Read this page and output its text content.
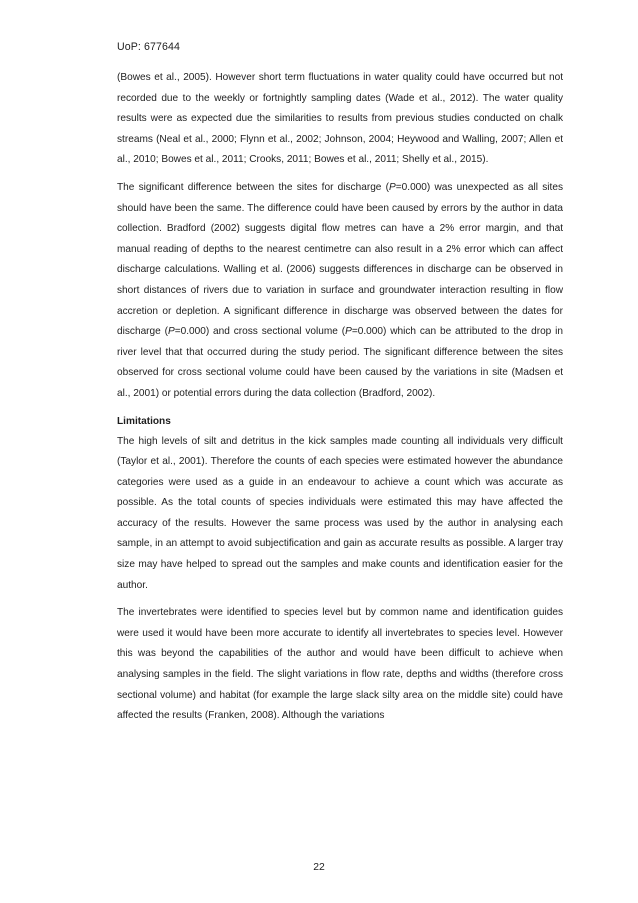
UoP: 677644

(Bowes et al., 2005). However short term fluctuations in water quality could have occurred but not recorded due to the weekly or fortnightly sampling dates (Wade et al., 2012). The water quality results were as expected due the similarities to results from previous studies conducted on chalk streams (Neal et al., 2000; Flynn et al., 2002; Johnson, 2004; Heywood and Walling, 2007; Allen et al., 2010; Bowes et al., 2011; Crooks, 2011; Bowes et al., 2011; Shelly et al., 2015).

The significant difference between the sites for discharge (P=0.000) was unexpected as all sites should have been the same. The difference could have been caused by errors by the author in data collection. Bradford (2002) suggests digital flow metres can have a 2% error margin, and that manual reading of depths to the nearest centimetre can also result in a 2% error which can affect discharge calculations. Walling et al. (2006) suggests differences in discharge can be observed in short distances of rivers due to variation in surface and groundwater interaction resulting in flow accretion or depletion. A significant difference in discharge was observed between the dates for discharge (P=0.000) and cross sectional volume (P=0.000) which can be attributed to the drop in river level that that occurred during the study period. The significant difference between the sites observed for cross sectional volume could have been caused by the variations in site (Madsen et al., 2001) or potential errors during the data collection (Bradford, 2002).

Limitations

The high levels of silt and detritus in the kick samples made counting all individuals very difficult (Taylor et al., 2001). Therefore the counts of each species were estimated however the abundance categories were used as a guide in an endeavour to achieve a count which was accurate as possible. As the total counts of species individuals were estimated this may have affected the accuracy of the results. However the same process was used by the author in analysing each sample, in an attempt to avoid subjectification and gain as accurate results as possible. A larger tray size may have helped to spread out the samples and make counts and identification easier for the author.

The invertebrates were identified to species level but by common name and identification guides were used it would have been more accurate to identify all invertebrates to species level. However this was beyond the capabilities of the author and would have been difficult to achieve when analysing samples in the field. The slight variations in flow rate, depths and widths (therefore cross sectional volume) and habitat (for example the large slack silty area on the middle site) could have affected the results (Franken, 2008). Although the variations

22
